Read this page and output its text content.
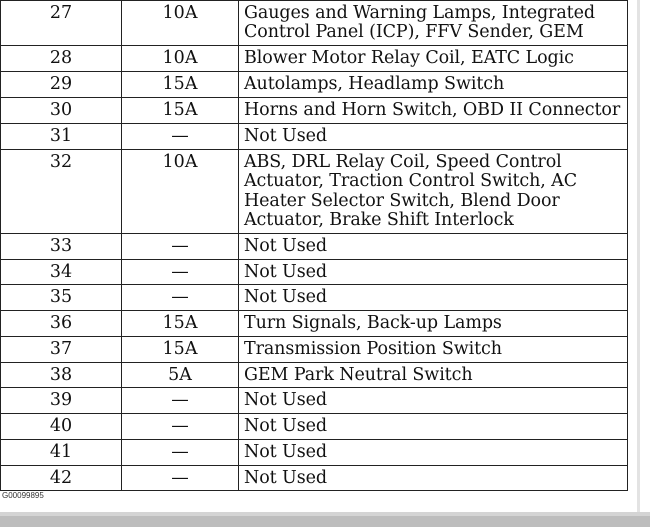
27	10A	Gauges and Warning Lamps, Integrated
Control Panel (ICP), FFV Sender, GEM

28	10A	Blower Motor Relay Coil, EATC Logic

29	15A	Autolamps, Headlamp Switch

30	15A	Horns and Horn Switch, OBD II Connector

31	—	Not Used

32	10A	ABS, DRL Relay Coil, Speed Control
Actuator, Traction Control Switch, AC
Heater Selector Switch, Blend Door
Actuator, Brake Shift Interlock

33	—	Not Used

34	—	Not Used

35	—	Not Used

36	15A	Turn Signals, Back-up Lamps

37	15A	Transmission Position Switch

38	5A	GEM Park Neutral Switch

39	—	Not Used

40	—	Not Used

41	—	Not Used

42	—	Not Used
G00099895
